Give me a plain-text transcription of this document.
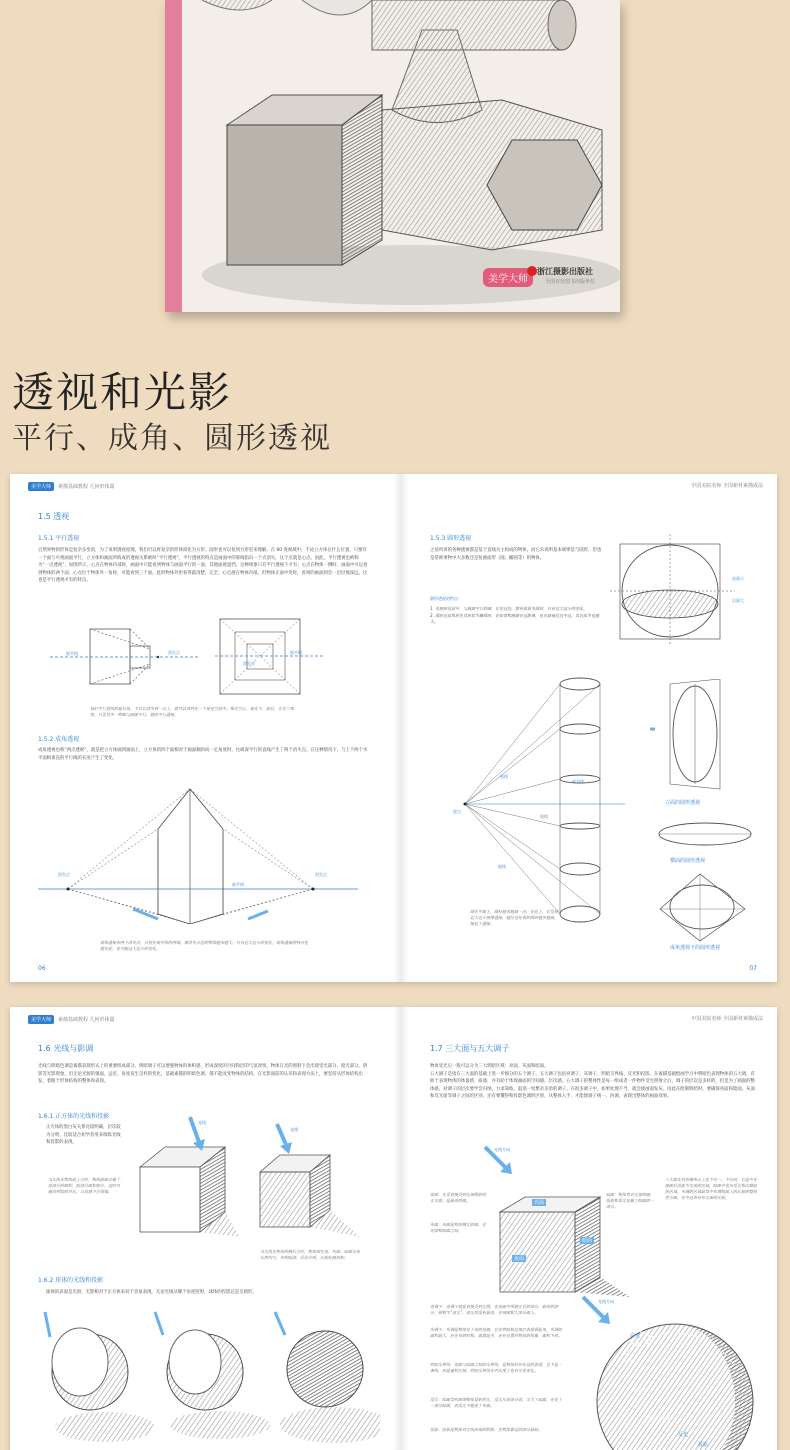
美学大师
浙江摄影出版社
全国百佳图书出版单位
透视和光影
平行、成角、圆形透视
美学大师	素描基础教程 几何形体篇	中国美院名师 全国新材素描成法
1.5 透视
1.5.1 平行透视
自然界物的形体是复杂多变的，为了说明透视原理，我们可以将复杂的形体简化为方形、圆形也可以复到方形里来理解。在 60 度视域中，不论立方体在什么位置，只要有一个面与可视画面平行，立方体和画面所构成的透视关系被叫“平行透视”。平行透视的特点是画面中的垂线指向一个点消失，这个点就是心点。因此，平行透视也被称为“一点透视”，如图所示，心点在物体内部时，画面中只能看到物体与画面平行的一面，其他面被遮挡。这种现象只有平行透视下才有；心点在物体一侧时，画面中可以看到物体的两个面；心点位于物体外一角时，可能看到三个面。此时物体外形看得最清楚、完全；心点展在物体内部，但物体正面中变时，看到的画面则会一层层地深远，这也是平行透视才有的特点。
视平线	消失点	视平线
消失点
我们平行直线的延长线，不日它消失到一点上。就可以消到在一个视觉空间中。唯在空心，视在下，前后，左在三角度，只要其中一种面与画面平行，就叫平行透视。
1.5.2 成角透视
成角透视也称“两点透视”，就是把立方体画到画面上，立方体的四个面相对于画面倾斜成一定角度时，往纵深平行的直线产生了两个消失点。在这种情况下，与上下两个水平面相垂直的平行线的长度产生了变化。
消失点
视平线
消失点
成角透视有两个消失点，分别在视平线的两端。离消失点近的物体越来越大，只有近大远小的变化，成角透视的特点也就在此，也可能这大近小的变化。
06
1.5.3 圆形透视
之前所讲的各种透视都是基于直线为主构成的物体，而它未说明基本规律是与圆形，但也是常被事物中大多数还是复曲面形（圆、椭圆等）的物体。
圆形透视的特点：
1. 在画形近似中，与画面平行的面，它在远处，都有体原本圆形，只有近大远小的变化。
2. 圆形近似角形在其形状为椭圆形，在如宽和画面在远距离，也在面视近近中远，其近似多也越大。
前面小
后面大
视平线
视点
视线
视线
视线
圆在平面上，圆柱越来越扁一点，在此上，它呈现近大远小规律透视，越往远处看的圆形越窄越扁，接近于透视。
立面的圆形透视
横面的圆形透视
成角透视下的圆形透视
07
美学大师	素描基础教程 几何形体篇	中国美院名师 全国新材素描成法
1.6 光线与影调
光线与明暗色调是素描表现形式上的重要组成部分。明暗调子可以增强物体的体积感，形成深度的空间和层的气氛效果。物体在光的照射下会出现受光部分、暗光部分、阴影等光影现象，但无论光源的强弱、远近、角度发生怎样的变化，基础素描的明暗色调，都不能改变物体的结构。在光影面前的认识和表现方法上，要坚持从形体结构出发，着眼于形体结构的整体和表现。
1.6.1 正方体的光线和投影
正方体的黑白灰关系比较明确，层次较为分明，比较适合初学者用来练练光线和投影的表现。
光线
光线
当光线在物体前上方时，物体前面会属于亮部分的面积，暗部分面积较少，这时可画出明暗的对比，立体感不会很强。
当光线在物体的侧后方时，物体则在亮、灰面，暗面分布比例均匀，有明暗部、层次分明，比较好画体积。
1.6.2 球体的光线和投影
球体的表面是光滑、无影相对于正方体来说不容易表现。无论光线从哪个角度照射，球体的投影总是呈圆形。
1.7 三大面与五大调子
物体受光后一般可以分为三大明暗区域：亮面、灰面和暗面。
五大调子是指在三大面的基础上进一步细分的五个调子。五大调子包括亮调子、灰调子、明暗交界线、反光和投影。在素描基础绘画学习中明暗色表现物体的五大调，有助于表现物体的体量感、质感，并有助于体现画面的空间感。层次感。五大调子的整体性是每一组成者一件物件受光照射之后，调子的层次是多样的，但是为了画面的整体感，对调子的层次要学会归纳，力求简练，取消一切繁杂多余的调子。在很多调子中，如果处理不当，就会使画面发灰。因此在绘制明暗时，要确保亮面和暗面，灰面和反光面等调子之间的区别，还有要懂得和投影色调的区别，从整体入手，才能使调子统一、协调，表现出整体的画面效果。
光线方向
亮面
暗面
灰面
亮面：在要直接受到光源照射的正光面，是最亮的面。
灰面：灰面是物体侧光的面，在亮部和暗面之间。
暗面：物体背对光源的面，投影和反光也属于暗面的一部分。
三大面在其仿佛所示上也不仅一，不仅同，它是中在画面后投影为完成的区域，暗面中也有反光和次稀暗的区域，灰调的区域最常中作调组面上的比较的整体性方面，在中还表有有光面的比较。
亮调子：亮调子就是直接受到光照，在亮面中所就光后的部分，最亮的部分，被称为“高光”，高光的反射最亮，在球面和大部分面上。
灰调子：灰调是物体处于亮的亮面，它在明暗较远地区表现看起来，灰调的面积最大，应在有的时候，面就是多，还有位置对物体的体量，面积不同。
明暗交界线：亮面与暗面之间的交界线，是物体转折在边的表现，呈不是一条线，而是逐转区域，明暗交界线在对比度上也有可见变化。
反光：暗面受到周围物体反射的光，反光比亮部分弱，又大于暗面，在处于一部分暗面，而反光不能亮于灰面。
投影：投影是物体对光线形成的阴影，在物体靠近的部分最暗。
光线方向
高光
亮调子
灰调子
明暗交界线
反光
投影
